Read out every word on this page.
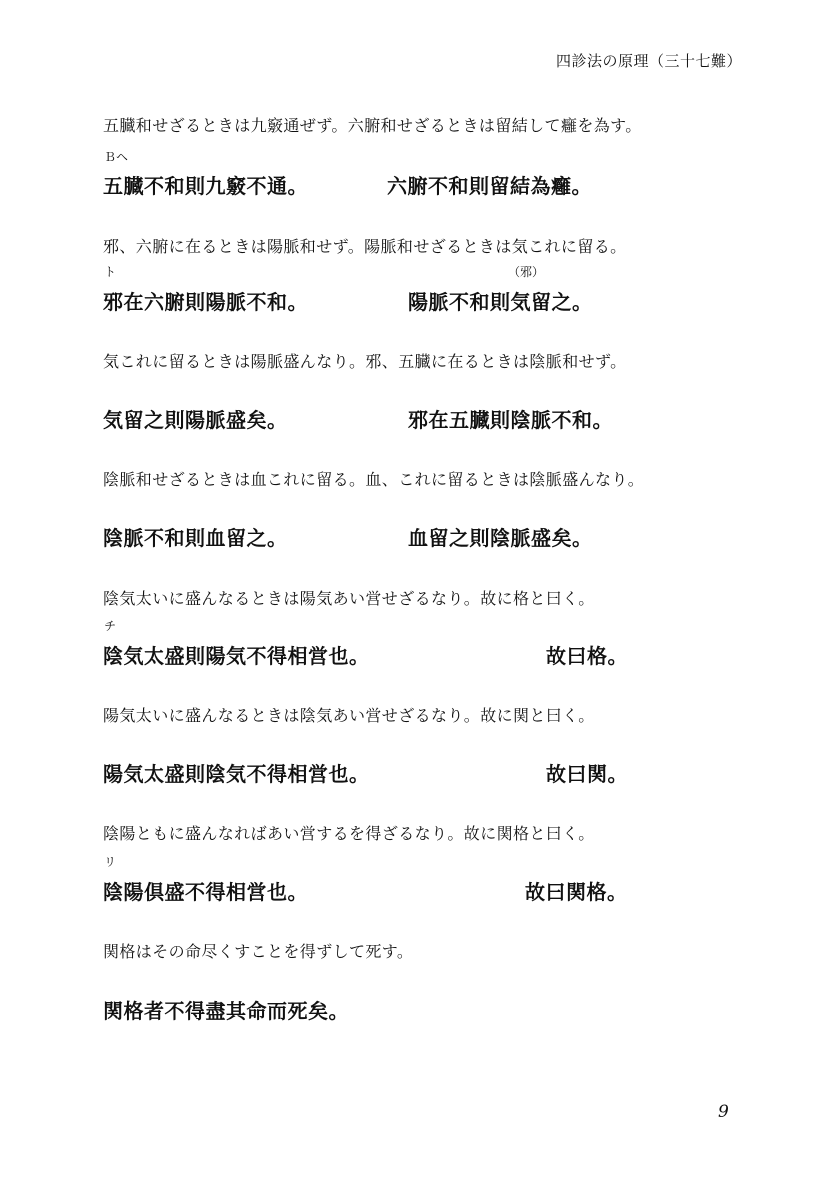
四診法の原理（三十七難）
五臓和せざるときは九竅通ぜず。六腑和せざるときは留結して癰を為す。
Ｂヘ
五臓不和則九竅不通。	六腑不和則留結為癰。
邪、六腑に在るときは陽脈和せず。陽脈和せざるときは気これに留る。
ト	（邪）
邪在六腑則陽脈不和。	陽脈不和則気留之。
気これに留るときは陽脈盛んなり。邪、五臓に在るときは陰脈和せず。
気留之則陽脈盛矣。	邪在五臓則陰脈不和。
陰脈和せざるときは血これに留る。血、これに留るときは陰脈盛んなり。
陰脈不和則血留之。	血留之則陰脈盛矣。
陰気太いに盛んなるときは陽気あい営せざるなり。故に格と曰く。
チ
陰気太盛則陽気不得相営也。	故曰格。
陽気太いに盛んなるときは陰気あい営せざるなり。故に関と曰く。
陽気太盛則陰気不得相営也。	故曰関。
陰陽ともに盛んなればあい営するを得ざるなり。故に関格と曰く。
リ
陰陽倶盛不得相営也。	故曰関格。
関格はその命尽くすことを得ずして死す。
関格者不得盡其命而死矣。
9
